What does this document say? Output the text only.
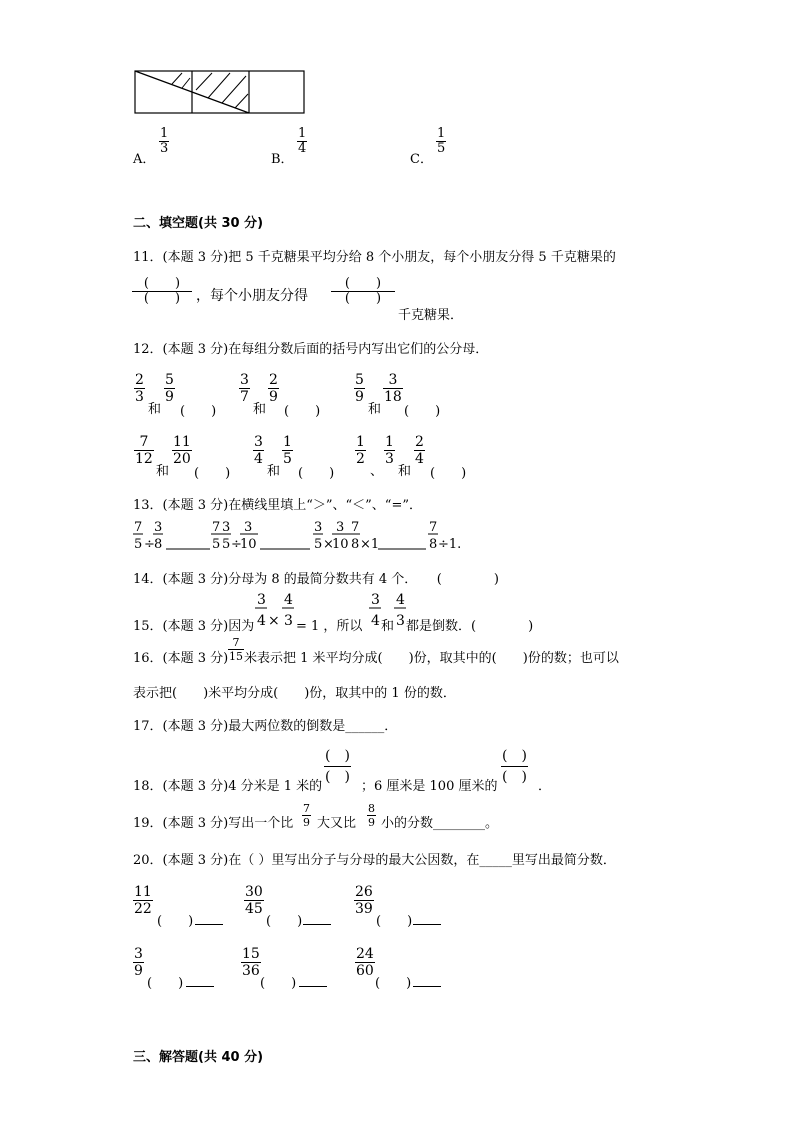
A．
$\frac{1}{3}$
B．
$\frac{1}{4}$
C．
$\frac{1}{5}$
二、填空题(共 30 分)
11．(本题 3 分)把 5 千克糖果平均分给 8 个小朋友，每个小朋友分得 5 千克糖果的
(　　)
(　　)	，每个小朋友分得
(　　)
(　　)
千克糖果．
12．(本题 3 分)在每组分数后面的括号内写出它们的公分母．
$\frac{2}{3}$
和
$\frac{5}{9}$
(　　)
$\frac{3}{7}$
和
$\frac{2}{9}$
(　　)
$\frac{5}{9}$
和
$\frac{3}{18}$
(　　)
$\frac{7}{12}$
和
$\frac{11}{20}$
(　　)
$\frac{3}{4}$
和
$\frac{1}{5}$
(　　)
$\frac{1}{2}$
、
$\frac{1}{3}$
和
$\frac{2}{4}$
(　　)
13．(本题 3 分)在横线里填上“＞”、“＜”、“=”．
7
5 ÷
3
8
7
5
3
5 ÷
3
10
3
5 ×
3
10
7
8 ×1
7
8 ÷1.
14．(本题 3 分)分母为 8 的最简分数共有 4 个．　　(　　　　)
15．(本题 3 分)因为
3
4 ×
4
3
3
4
4
3
= 1 ，所以 和 都是倒数．(　　　　)
16．(本题 3 分) $\frac{7}{15}$ 米表示把 1 米平均分成(　　)份，取其中的(　　)份的数；也可以
表示把(　　)米平均分成(　　)份，取其中的 1 份的数．
17．(本题 3 分)最大两位数的倒数是______．
18．(本题 3 分)4 分米是 1 米的
(　)
(　)
；6 厘米是 100 厘米的
(　)
(　)
．
19．(本题 3 分)写出一个比 $\frac{7}{9}$ 大又比 $\frac{8}{9}$ 小的分数________。
20．(本题 3 分)在（ ）里写出分子与分母的最大公因数，在_____里写出最简分数．
$\frac{11}{22}$
(　　)
$\frac{30}{45}$
(　　)
$\frac{26}{39}$
(　　)
$\frac{3}{9}$
(　　)
$\frac{15}{36}$
(　　)
$\frac{24}{60}$
(　　)
三、解答题(共 40 分)
